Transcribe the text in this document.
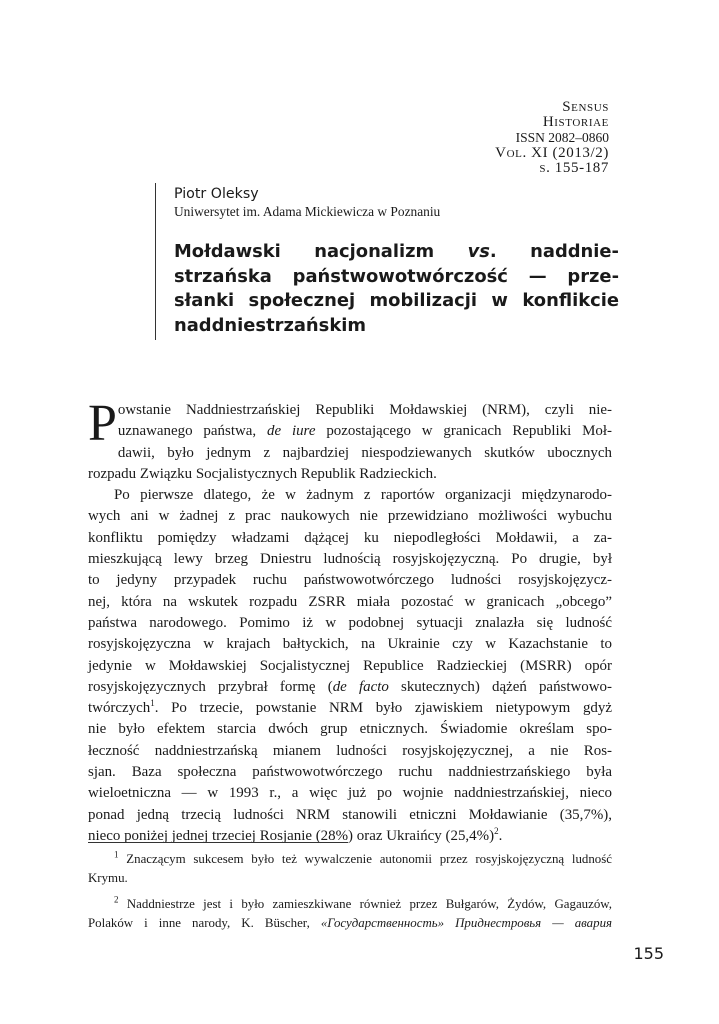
Sensus
Historiae
ISSN 2082–0860
Vol. XI (2013/2)
s. 155-187
Piotr Oleksy
Uniwersytet im. Adama Mickiewicza w Poznaniu
Mołdawski nacjonalizm vs. naddnie-
strzańska państwowotwórczość — prze-
słanki społecznej mobilizacji w konflikcie
naddniestrzańskim
P owstanie Naddniestrzańskiej Republiki Mołdawskiej (NRM), czyli nie-
uznawanego państwa, de iure pozostającego w granicach Republiki Moł-
dawii, było jednym z najbardziej niespodziewanych skutków ubocznych
rozpadu Związku Socjalistycznych Republik Radzieckich.
Po pierwsze dlatego, że w żadnym z raportów organizacji międzynarodo-
wych ani w żadnej z prac naukowych nie przewidziano możliwości wybuchu
konfliktu pomiędzy władzami dążącej ku niepodległości Mołdawii, a za-
mieszkującą lewy brzeg Dniestru ludnością rosyjskojęzyczną. Po drugie, był
to jedyny przypadek ruchu państwowotwórczego ludności rosyjskojęzycz-
nej, która na wskutek rozpadu ZSRR miała pozostać w granicach „obcego”
państwa narodowego. Pomimo iż w podobnej sytuacji znalazła się ludność
rosyjskojęzyczna w krajach bałtyckich, na Ukrainie czy w Kazachstanie to
jedynie w Mołdawskiej Socjalistycznej Republice Radzieckiej (MSRR) opór
rosyjskojęzycznych przybrał formę (de facto skutecznych) dążeń państwowo-
twórczych$^1$. Po trzecie, powstanie NRM było zjawiskiem nietypowym gdyż
nie było efektem starcia dwóch grup etnicznych. Świadomie określam spo-
łeczność naddniestrzańską mianem ludności rosyjskojęzycznej, a nie Ros-
sjan. Baza społeczna państwowotwórczego ruchu naddniestrzańskiego była
wieloetniczna — w 1993 r., a więc już po wojnie naddniestrzańskiej, nieco
ponad jedną trzecią ludności NRM stanowili etniczni Mołdawianie (35,7%),
nieco poniżej jednej trzeciej Rosjanie (28%) oraz Ukraińcy $(25,4\%)^2$.
$^1$ Znaczącym sukcesem było też wywalczenie autonomii przez rosyjskojęzyczną ludność
Krymu.
$^2$ Naddniestrze jest i było zamieszkiwane również przez Bułgarów, Żydów, Gagauzów,
Polaków i inne narody, K. Büscher, «Государственность» Приднестровья — авария
155
